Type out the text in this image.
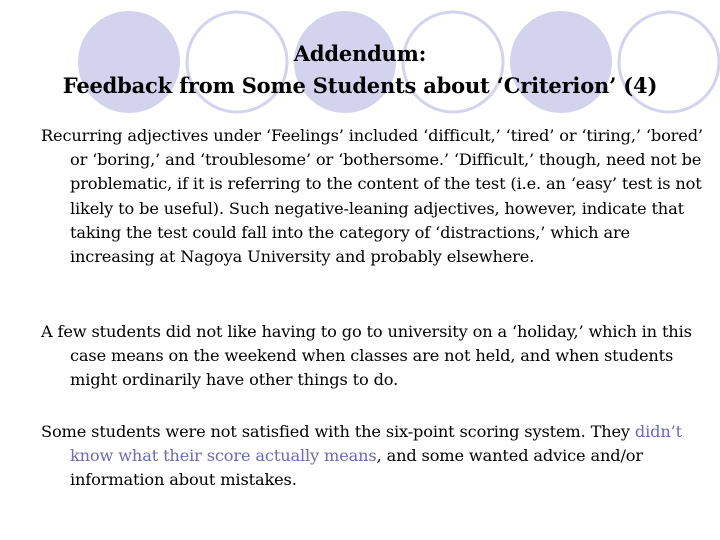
Addendum:
Feedback from Some Students about ‘Criterion’ (4)
Recurring adjectives under ‘Feelings’ included ‘difficult,’ ‘tired’ or ‘tiring,’ ‘bored’ or ‘boring,’ and ‘troublesome’ or ‘bothersome.’ ‘Difficult,’ though, need not be problematic, if it is referring to the content of the test (i.e. an ‘easy’ test is not likely to be useful). Such negative-leaning adjectives, however, indicate that taking the test could fall into the category of ‘distractions,’ which are increasing at Nagoya University and probably elsewhere.
A few students did not like having to go to university on a ‘holiday,’ which in this case means on the weekend when classes are not held, and when students might ordinarily have other things to do.
Some students were not satisfied with the six-point scoring system. They didn’t know what their score actually means, and some wanted advice and/or information about mistakes.
